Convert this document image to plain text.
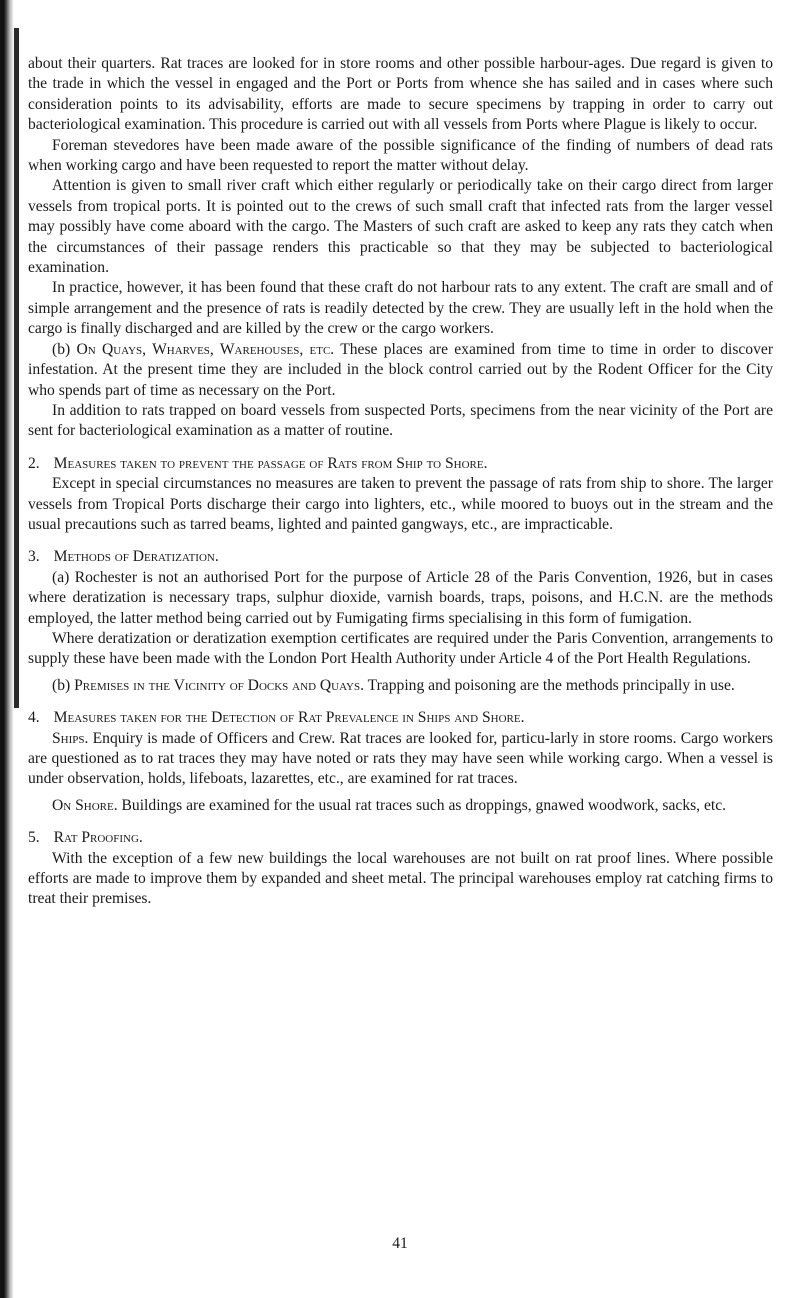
about their quarters. Rat traces are looked for in store rooms and other possible harbour-ages. Due regard is given to the trade in which the vessel in engaged and the Port or Ports from whence she has sailed and in cases where such consideration points to its advisability, efforts are made to secure specimens by trapping in order to carry out bacteriological examination. This procedure is carried out with all vessels from Ports where Plague is likely to occur.

Foreman stevedores have been made aware of the possible significance of the finding of numbers of dead rats when working cargo and have been requested to report the matter without delay.

Attention is given to small river craft which either regularly or periodically take on their cargo direct from larger vessels from tropical ports. It is pointed out to the crews of such small craft that infected rats from the larger vessel may possibly have come aboard with the cargo. The Masters of such craft are asked to keep any rats they catch when the circumstances of their passage renders this practicable so that they may be subjected to bacteriological examination.

In practice, however, it has been found that these craft do not harbour rats to any extent. The craft are small and of simple arrangement and the presence of rats is readily detected by the crew. They are usually left in the hold when the cargo is finally discharged and are killed by the crew or the cargo workers.

(b) On Quays, Wharves, Warehouses, etc. These places are examined from time to time in order to discover infestation. At the present time they are included in the block control carried out by the Rodent Officer for the City who spends part of time as necessary on the Port.

In addition to rats trapped on board vessels from suspected Ports, specimens from the near vicinity of the Port are sent for bacteriological examination as a matter of routine.

2. Measures taken to prevent the passage of Rats from Ship to Shore.

Except in special circumstances no measures are taken to prevent the passage of rats from ship to shore. The larger vessels from Tropical Ports discharge their cargo into lighters, etc., while moored to buoys out in the stream and the usual precautions such as tarred beams, lighted and painted gangways, etc., are impracticable.

3. Methods of Deratization.

(a) Rochester is not an authorised Port for the purpose of Article 28 of the Paris Convention, 1926, but in cases where deratization is necessary traps, sulphur dioxide, varnish boards, traps, poisons, and H.C.N. are the methods employed, the latter method being carried out by Fumigating firms specialising in this form of fumigation.

Where deratization or deratization exemption certificates are required under the Paris Convention, arrangements to supply these have been made with the London Port Health Authority under Article 4 of the Port Health Regulations.

(b) Premises in the Vicinity of Docks and Quays. Trapping and poisoning are the methods principally in use.

4. Measures taken for the Detection of Rat Prevalence in Ships and Shore.

Ships. Enquiry is made of Officers and Crew. Rat traces are looked for, particu-larly in store rooms. Cargo workers are questioned as to rat traces they may have noted or rats they may have seen while working cargo. When a vessel is under observation, holds, lifeboats, lazarettes, etc., are examined for rat traces.

On Shore. Buildings are examined for the usual rat traces such as droppings, gnawed woodwork, sacks, etc.

5. Rat Proofing.

With the exception of a few new buildings the local warehouses are not built on rat proof lines. Where possible efforts are made to improve them by expanded and sheet metal. The principal warehouses employ rat catching firms to treat their premises.

41
